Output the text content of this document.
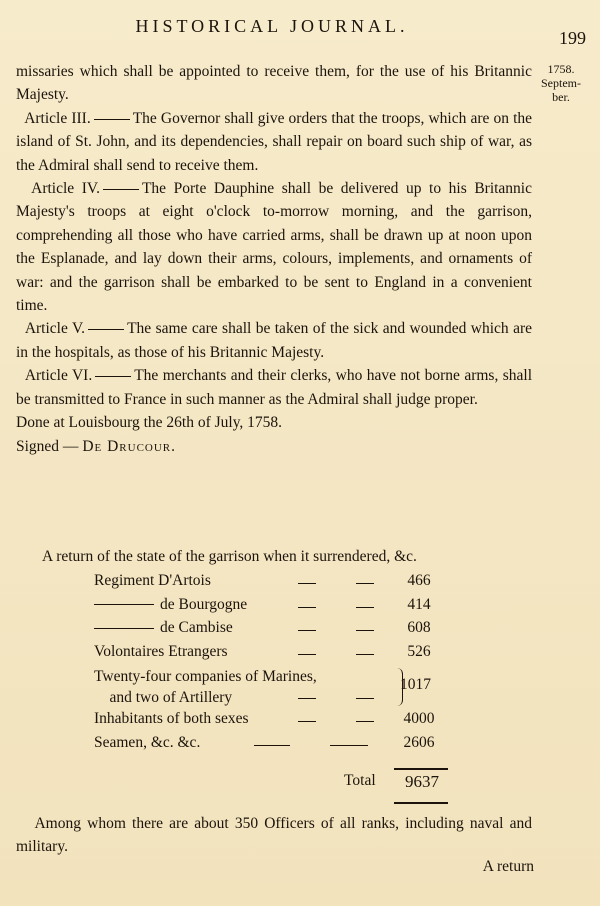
HISTORICAL JOURNAL.
199
1758.
Septem-
ber.

missaries which shall be appointed to receive them, for the use of his Britannic Majesty.

Article III.	The Governor shall give orders that the troops, which are on the island of St. John, and its dependencies, shall repair on board such ship of war, as the Admiral shall send to receive them.

Article IV.	The Porte Dauphine shall be delivered up to his Britannic Majesty's troops at eight o'clock to-morrow morning, and the garrison, comprehending all those who have carried arms, shall be drawn up at noon upon the Esplanade, and lay down their arms, colours, implements, and ornaments of war: and the garrison shall be embarked to be sent to England in a convenient time.

Article V.	The same care shall be taken of the sick and wounded which are in the hospitals, as those of his Britannic Majesty.

Article VI.	The merchants and their clerks, who have not borne arms, shall be transmitted to France in such manner as the Admiral shall judge proper.

Done at Louisbourg the 26th of July, 1758.

Signed — De Drucour.

A return of the state of the garrison when it surrendered, &c.
Regiment D'Artois	466
de Bourgogne	414
de Cambise	608
Volontaires Etrangers	526
Twenty-four companies of Marines,
and two of Artillery
1017
Inhabitants of both sexes	4000
Seamen, &c. &c.	2606
Total	9637
Among whom there are about 350 Officers of all ranks, including naval and military.
A return
